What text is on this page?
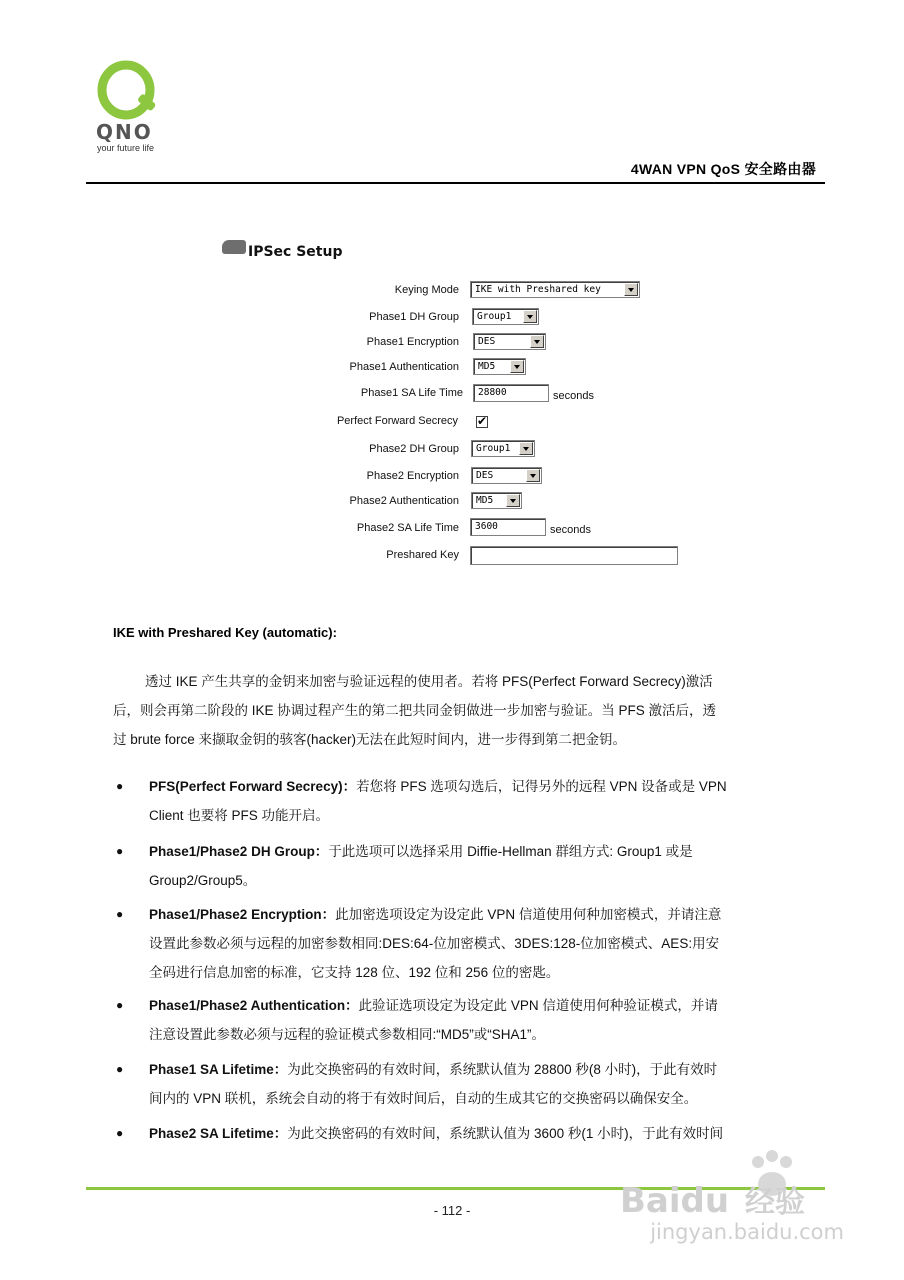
QNO
your future life
4WAN VPN QoS 安全路由器
IPSec Setup
Keying Mode IKE with Preshared key
Phase1 DH Group Group1
Phase1 Encryption DES
Phase1 Authentication MD5
Phase1 SA Life Time 28800	seconds
Perfect Forward Secrecy ✔
Phase2 DH Group Group1
Phase2 Encryption DES
Phase2 Authentication MD5
Phase2 SA Life Time 3600	seconds
Preshared Key
IKE with Preshared Key (automatic):
透过 IKE 产生共享的金钥来加密与验证远程的使用者。若将 PFS(Perfect Forward Secrecy)激活
后，则会再第二阶段的 IKE 协调过程产生的第二把共同金钥做进一步加密与验证。当 PFS 激活后，透
过 brute force 来撷取金钥的骇客(hacker)无法在此短时间内，进一步得到第二把金钥。
● PFS(Perfect Forward Secrecy)：若您将 PFS 选项勾选后，记得另外的远程 VPN 设备或是 VPN
Client 也要将 PFS 功能开启。
● Phase1/Phase2 DH Group：于此选项可以选择采用 Diffie-Hellman 群组方式: Group1 或是
Group2/Group5。
● Phase1/Phase2 Encryption：此加密选项设定为设定此 VPN 信道使用何种加密模式，并请注意
设置此参数必须与远程的加密参数相同:DES:64-位加密模式、3DES:128-位加密模式、AES:用安
全码进行信息加密的标准，它支持 128 位、192 位和 256 位的密匙。
● Phase1/Phase2 Authentication：此验证选项设定为设定此 VPN 信道使用何种验证模式，并请
注意设置此参数必须与远程的验证模式参数相同:“MD5”或“SHA1”。
● Phase1 SA Lifetime：为此交换密码的有效时间，系统默认值为 28800 秒(8 小时)，于此有效时
间内的 VPN 联机，系统会自动的将于有效时间后，自动的生成其它的交换密码以确保安全。
● Phase2 SA Lifetime：为此交换密码的有效时间，系统默认值为 3600 秒(1 小时)，于此有效时间
- 112 -	Baidu 经验
jingyan.baidu.com
